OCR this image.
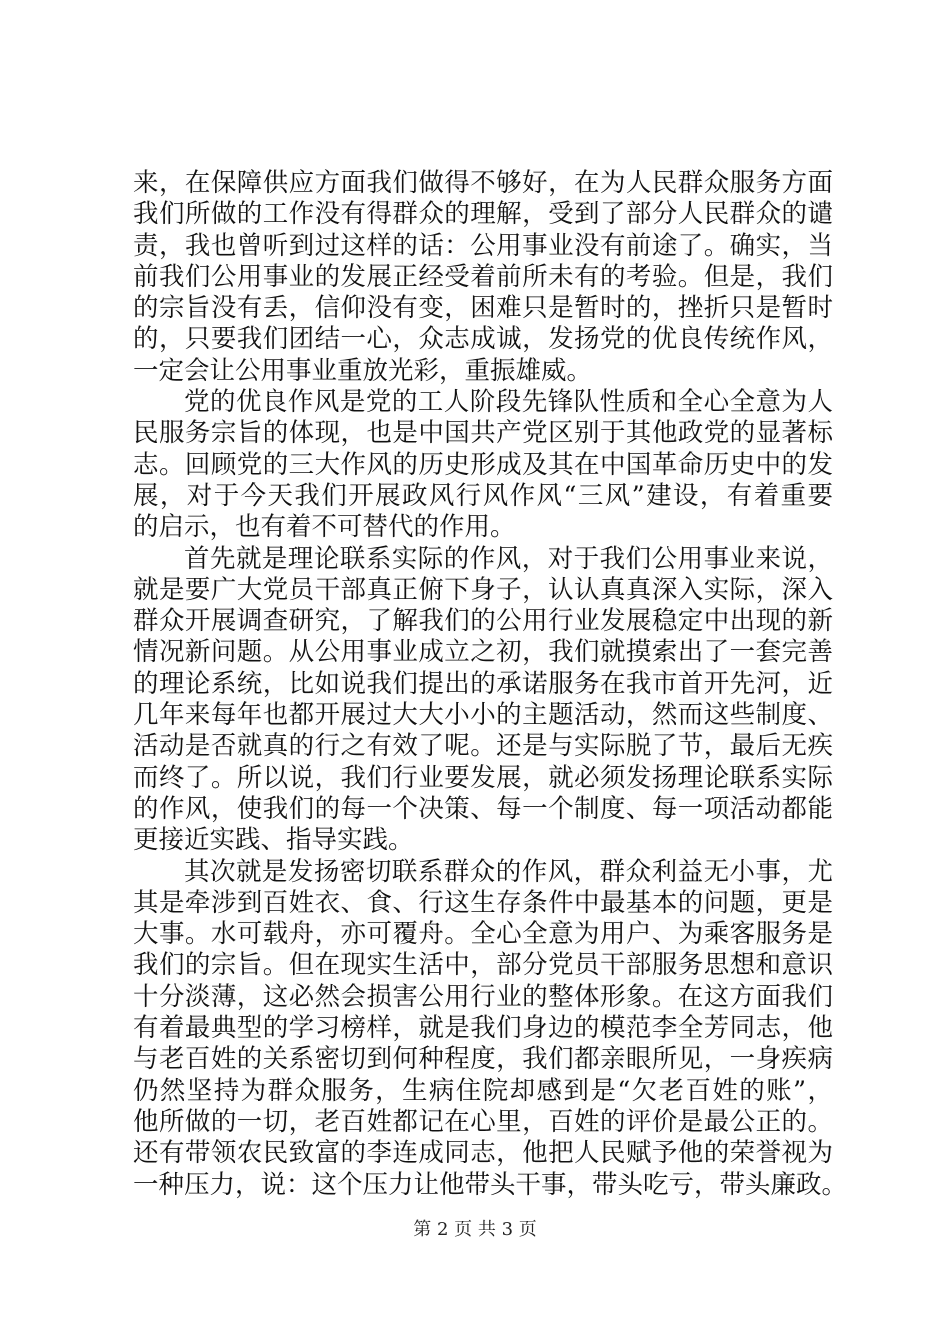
来，在保障供应方面我们做得不够好，在为人民群众服务方面
我们所做的工作没有得群众的理解，受到了部分人民群众的谴
责，我也曾听到过这样的话：公用事业没有前途了。确实，当
前我们公用事业的发展正经受着前所未有的考验。但是，我们
的宗旨没有丢，信仰没有变，困难只是暂时的，挫折只是暂时
的，只要我们团结一心，众志成诚，发扬党的优良传统作风，
一定会让公用事业重放光彩，重振雄威。
党的优良作风是党的工人阶段先锋队性质和全心全意为人
民服务宗旨的体现，也是中国共产党区别于其他政党的显著标
志。回顾党的三大作风的历史形成及其在中国革命历史中的发
展，对于今天我们开展政风行风作风“三风”建设，有着重要
的启示，也有着不可替代的作用。
首先就是理论联系实际的作风，对于我们公用事业来说，
就是要广大党员干部真正俯下身子，认认真真深入实际，深入
群众开展调查研究，了解我们的公用行业发展稳定中出现的新
情况新问题。从公用事业成立之初，我们就摸索出了一套完善
的理论系统，比如说我们提出的承诺服务在我市首开先河，近
几年来每年也都开展过大大小小的主题活动，然而这些制度、
活动是否就真的行之有效了呢。还是与实际脱了节，最后无疾
而终了。所以说，我们行业要发展，就必须发扬理论联系实际
的作风，使我们的每一个决策、每一个制度、每一项活动都能
更接近实践、指导实践。
其次就是发扬密切联系群众的作风，群众利益无小事，尤
其是牵涉到百姓衣、食、行这生存条件中最基本的问题，更是
大事。水可载舟，亦可覆舟。全心全意为用户、为乘客服务是
我们的宗旨。但在现实生活中，部分党员干部服务思想和意识
十分淡薄，这必然会损害公用行业的整体形象。在这方面我们
有着最典型的学习榜样，就是我们身边的模范李全芳同志，他
与老百姓的关系密切到何种程度，我们都亲眼所见，一身疾病
仍然坚持为群众服务，生病住院却感到是“欠老百姓的账”，
他所做的一切，老百姓都记在心里，百姓的评价是最公正的。
还有带领农民致富的李连成同志，他把人民赋予他的荣誉视为
一种压力，说：这个压力让他带头干事，带头吃亏，带头廉政。
第 2 页 共 3 页
